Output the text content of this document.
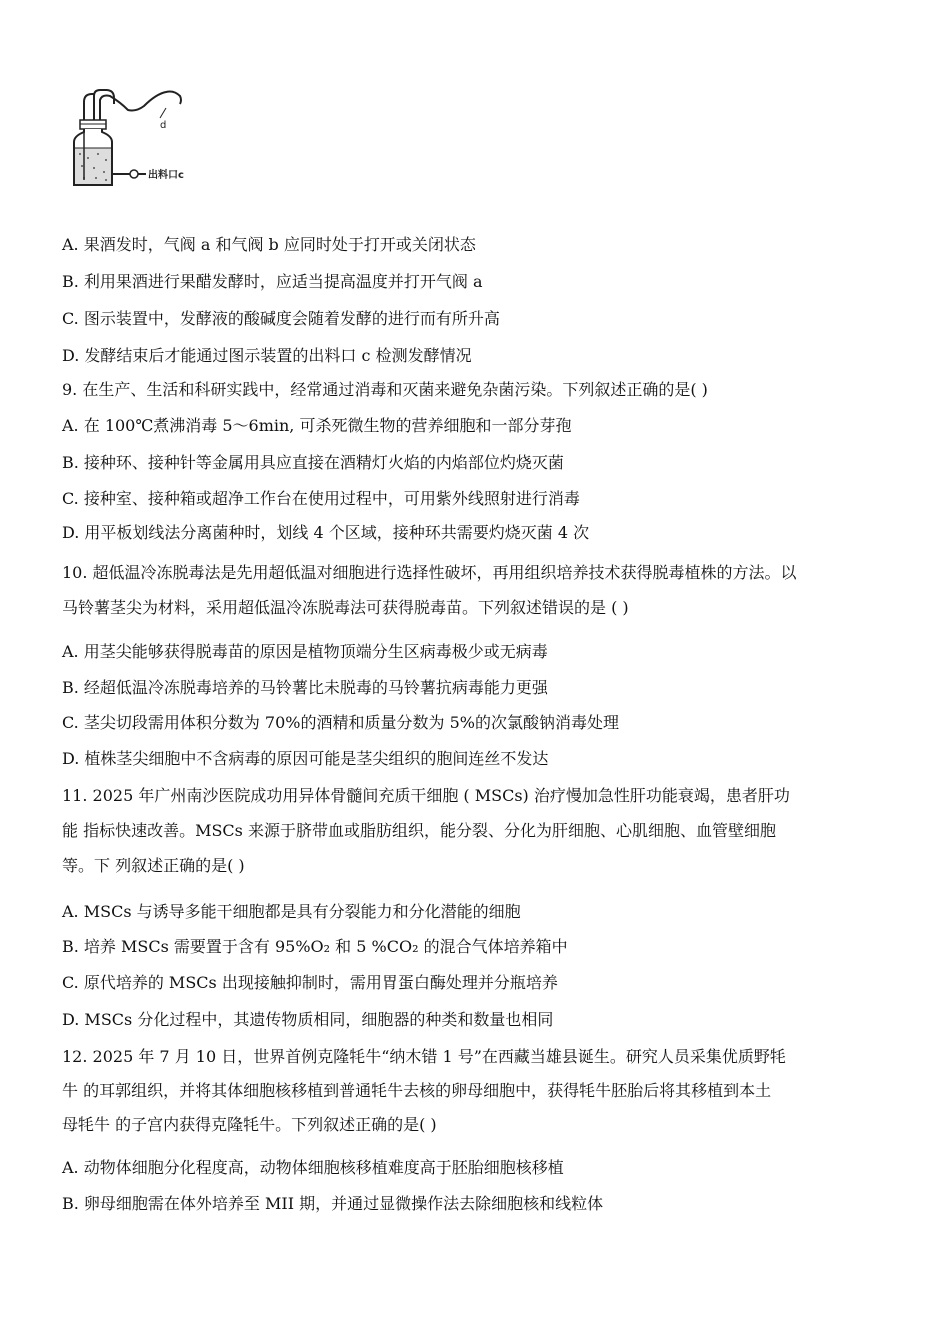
d
出料口c
A. 果酒发时，气阀 a 和气阀 b 应同时处于打开或关闭状态
B. 利用果酒进行果醋发酵时，应适当提高温度并打开气阀 a
C. 图示装置中，发酵液的酸碱度会随着发酵的进行而有所升高
D. 发酵结束后才能通过图示装置的出料口 c 检测发酵情况
9. 在生产、生活和科研实践中，经常通过消毒和灭菌来避免杂菌污染。下列叙述正确的是( )
A. 在 100℃煮沸消毒 5～6min, 可杀死微生物的营养细胞和一部分芽孢
B. 接种环、接种针等金属用具应直接在酒精灯火焰的内焰部位灼烧灭菌
C. 接种室、接种箱或超净工作台在使用过程中，可用紫外线照射进行消毒
D. 用平板划线法分离菌种时，划线 4 个区域，接种环共需要灼烧灭菌 4 次
10. 超低温冷冻脱毒法是先用超低温对细胞进行选择性破坏，再用组织培养技术获得脱毒植株的方法。以
马铃薯茎尖为材料，采用超低温冷冻脱毒法可获得脱毒苗。下列叙述错误的是 ( )
A. 用茎尖能够获得脱毒苗的原因是植物顶端分生区病毒极少或无病毒
B. 经超低温冷冻脱毒培养的马铃薯比未脱毒的马铃薯抗病毒能力更强
C. 茎尖切段需用体积分数为 70%的酒精和质量分数为 5%的次氯酸钠消毒处理
D. 植株茎尖细胞中不含病毒的原因可能是茎尖组织的胞间连丝不发达
11. 2025 年广州南沙医院成功用异体骨髓间充质干细胞 ( MSCs) 治疗慢加急性肝功能衰竭，患者肝功
能 指标快速改善。MSCs 来源于脐带血或脂肪组织，能分裂、分化为肝细胞、心肌细胞、血管壁细胞
等。下 列叙述正确的是( )
A. MSCs 与诱导多能干细胞都是具有分裂能力和分化潜能的细胞
B. 培养 MSCs 需要置于含有 95%O₂ 和 5 %CO₂ 的混合气体培养箱中
C. 原代培养的 MSCs 出现接触抑制时，需用胃蛋白酶处理并分瓶培养
D. MSCs 分化过程中，其遗传物质相同，细胞器的种类和数量也相同
12. 2025 年 7 月 10 日，世界首例克隆牦牛“纳木错 1 号”在西藏当雄县诞生。研究人员采集优质野牦
牛 的耳郭组织，并将其体细胞核移植到普通牦牛去核的卵母细胞中，获得牦牛胚胎后将其移植到本土
母牦牛 的子宫内获得克隆牦牛。下列叙述正确的是( )
A. 动物体细胞分化程度高，动物体细胞核移植难度高于胚胎细胞核移植
B. 卵母细胞需在体外培养至 MII 期，并通过显微操作法去除细胞核和线粒体
